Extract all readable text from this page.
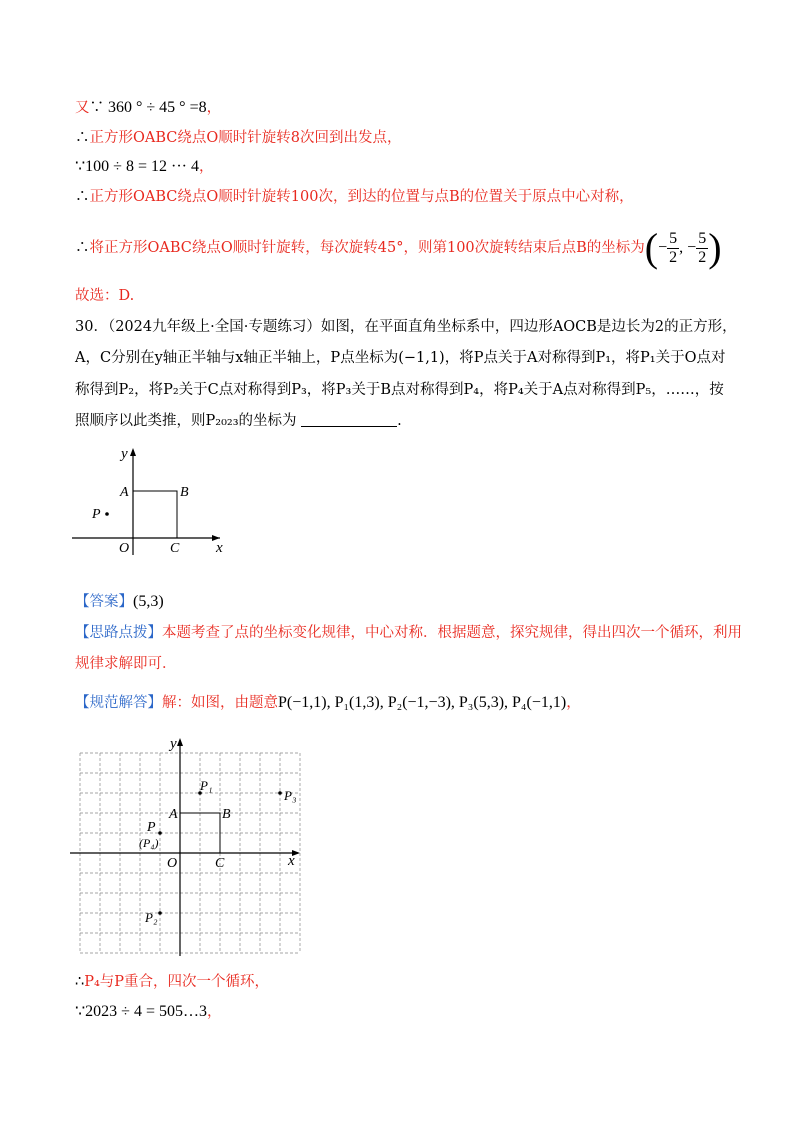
又∵ 360 ° ÷ 45 ° =8，
∴正方形OABC绕点O顺时针旋转8次回到出发点，
∵100 ÷ 8 = 12 ··· 4，
∴正方形OABC绕点O顺时针旋转100次，到达的位置与点B的位置关于原点中心对称，
∴将正方形OABC绕点O顺时针旋转，每次旋转45°，则第100次旋转结束后点B的坐标为(− $\frac{5}{2}$ , − $\frac{5}{2}$ )
故选：D.
30．（2024九年级上·全国·专题练习）如图，在平面直角坐标系中，四边形AOCB是边长为2的正方形，
A，C分别在y轴正半轴与x轴正半轴上，P点坐标为(−1,1)，将P点关于A对称得到P₁，将P₁关于O点对
称得到P₂，将P₂关于C点对称得到P₃，将P₃关于B点对称得到P₄，将P₄关于A点对称得到P₅，……，按
照顺序以此类推，则P₂₀₂₃的坐标为	.
y
x
A	B
O	C
P
【答案】(5,3)
【思路点拨】本题考查了点的坐标变化规律，中心对称．根据题意，探究规律，得出四次一个循环，利用
规律求解即可．
【规范解答】解：如图，由题意P(−1,1), P₁(1,3), P₂(−1,−3), P₃(5,3), P₄(−1,1)，
y
x
A	B
O	C
P
(P₄)
P₁
P₂
P₃
∴P₄与P重合，四次一个循环，
∵2023 ÷ 4 = 505…3，
